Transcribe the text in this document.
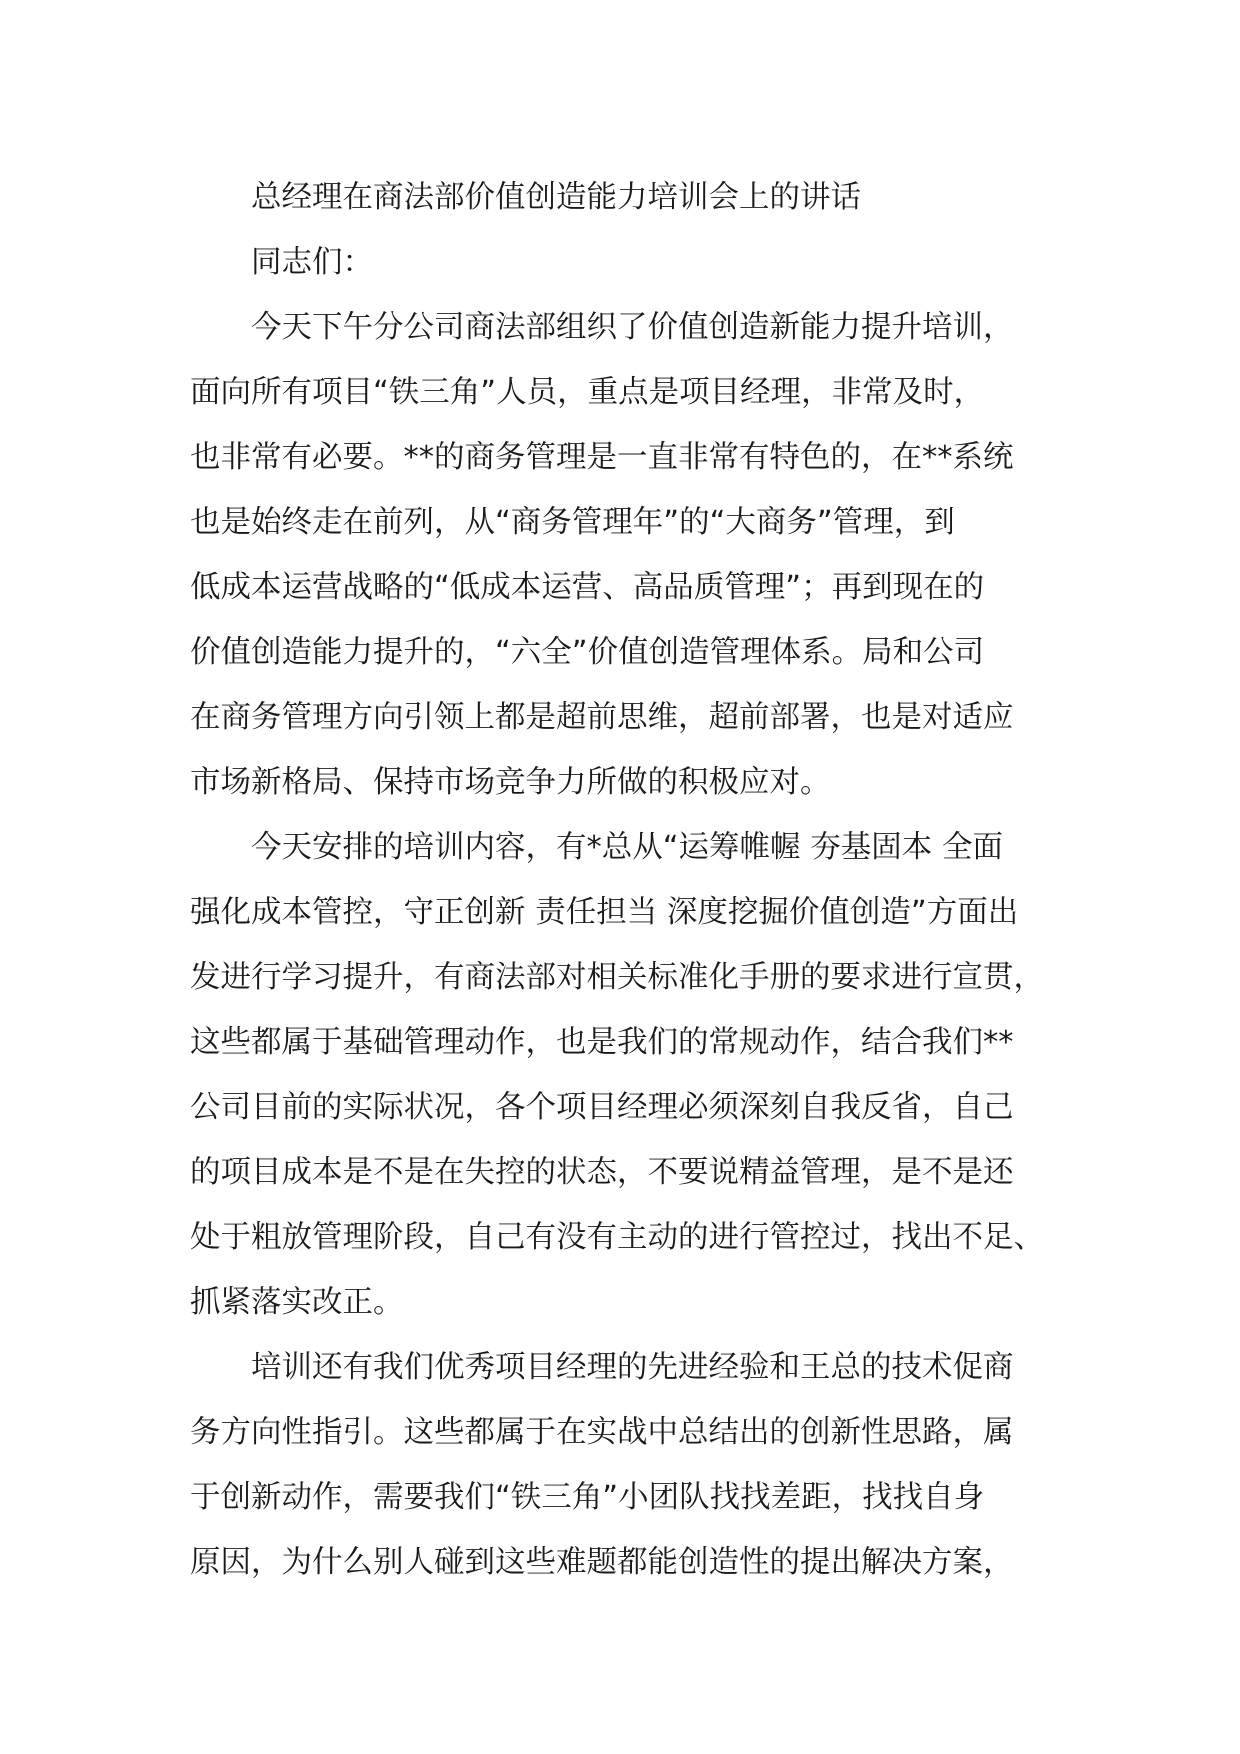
总经理在商法部价值创造能力培训会上的讲话
同志们：
今天下午分公司商法部组织了价值创造新能力提升培训，
面向所有项目“铁三角”人员，重点是项目经理，非常及时，
也非常有必要。**的商务管理是一直非常有特色的，在**系统
也是始终走在前列，从“商务管理年”的“大商务”管理，到
低成本运营战略的“低成本运营、高品质管理”；再到现在的
价值创造能力提升的，“六全”价值创造管理体系。局和公司
在商务管理方向引领上都是超前思维，超前部署，也是对适应
市场新格局、保持市场竞争力所做的积极应对。
今天安排的培训内容，有*总从“运筹帷幄 夯基固本 全面
强化成本管控，守正创新 责任担当 深度挖掘价值创造”方面出
发进行学习提升，有商法部对相关标准化手册的要求进行宣贯，
这些都属于基础管理动作，也是我们的常规动作，结合我们**
公司目前的实际状况，各个项目经理必须深刻自我反省，自己
的项目成本是不是在失控的状态，不要说精益管理，是不是还
处于粗放管理阶段，自己有没有主动的进行管控过，找出不足、
抓紧落实改正。
培训还有我们优秀项目经理的先进经验和王总的技术促商
务方向性指引。这些都属于在实战中总结出的创新性思路，属
于创新动作，需要我们“铁三角”小团队找找差距，找找自身
原因，为什么别人碰到这些难题都能创造性的提出解决方案，
